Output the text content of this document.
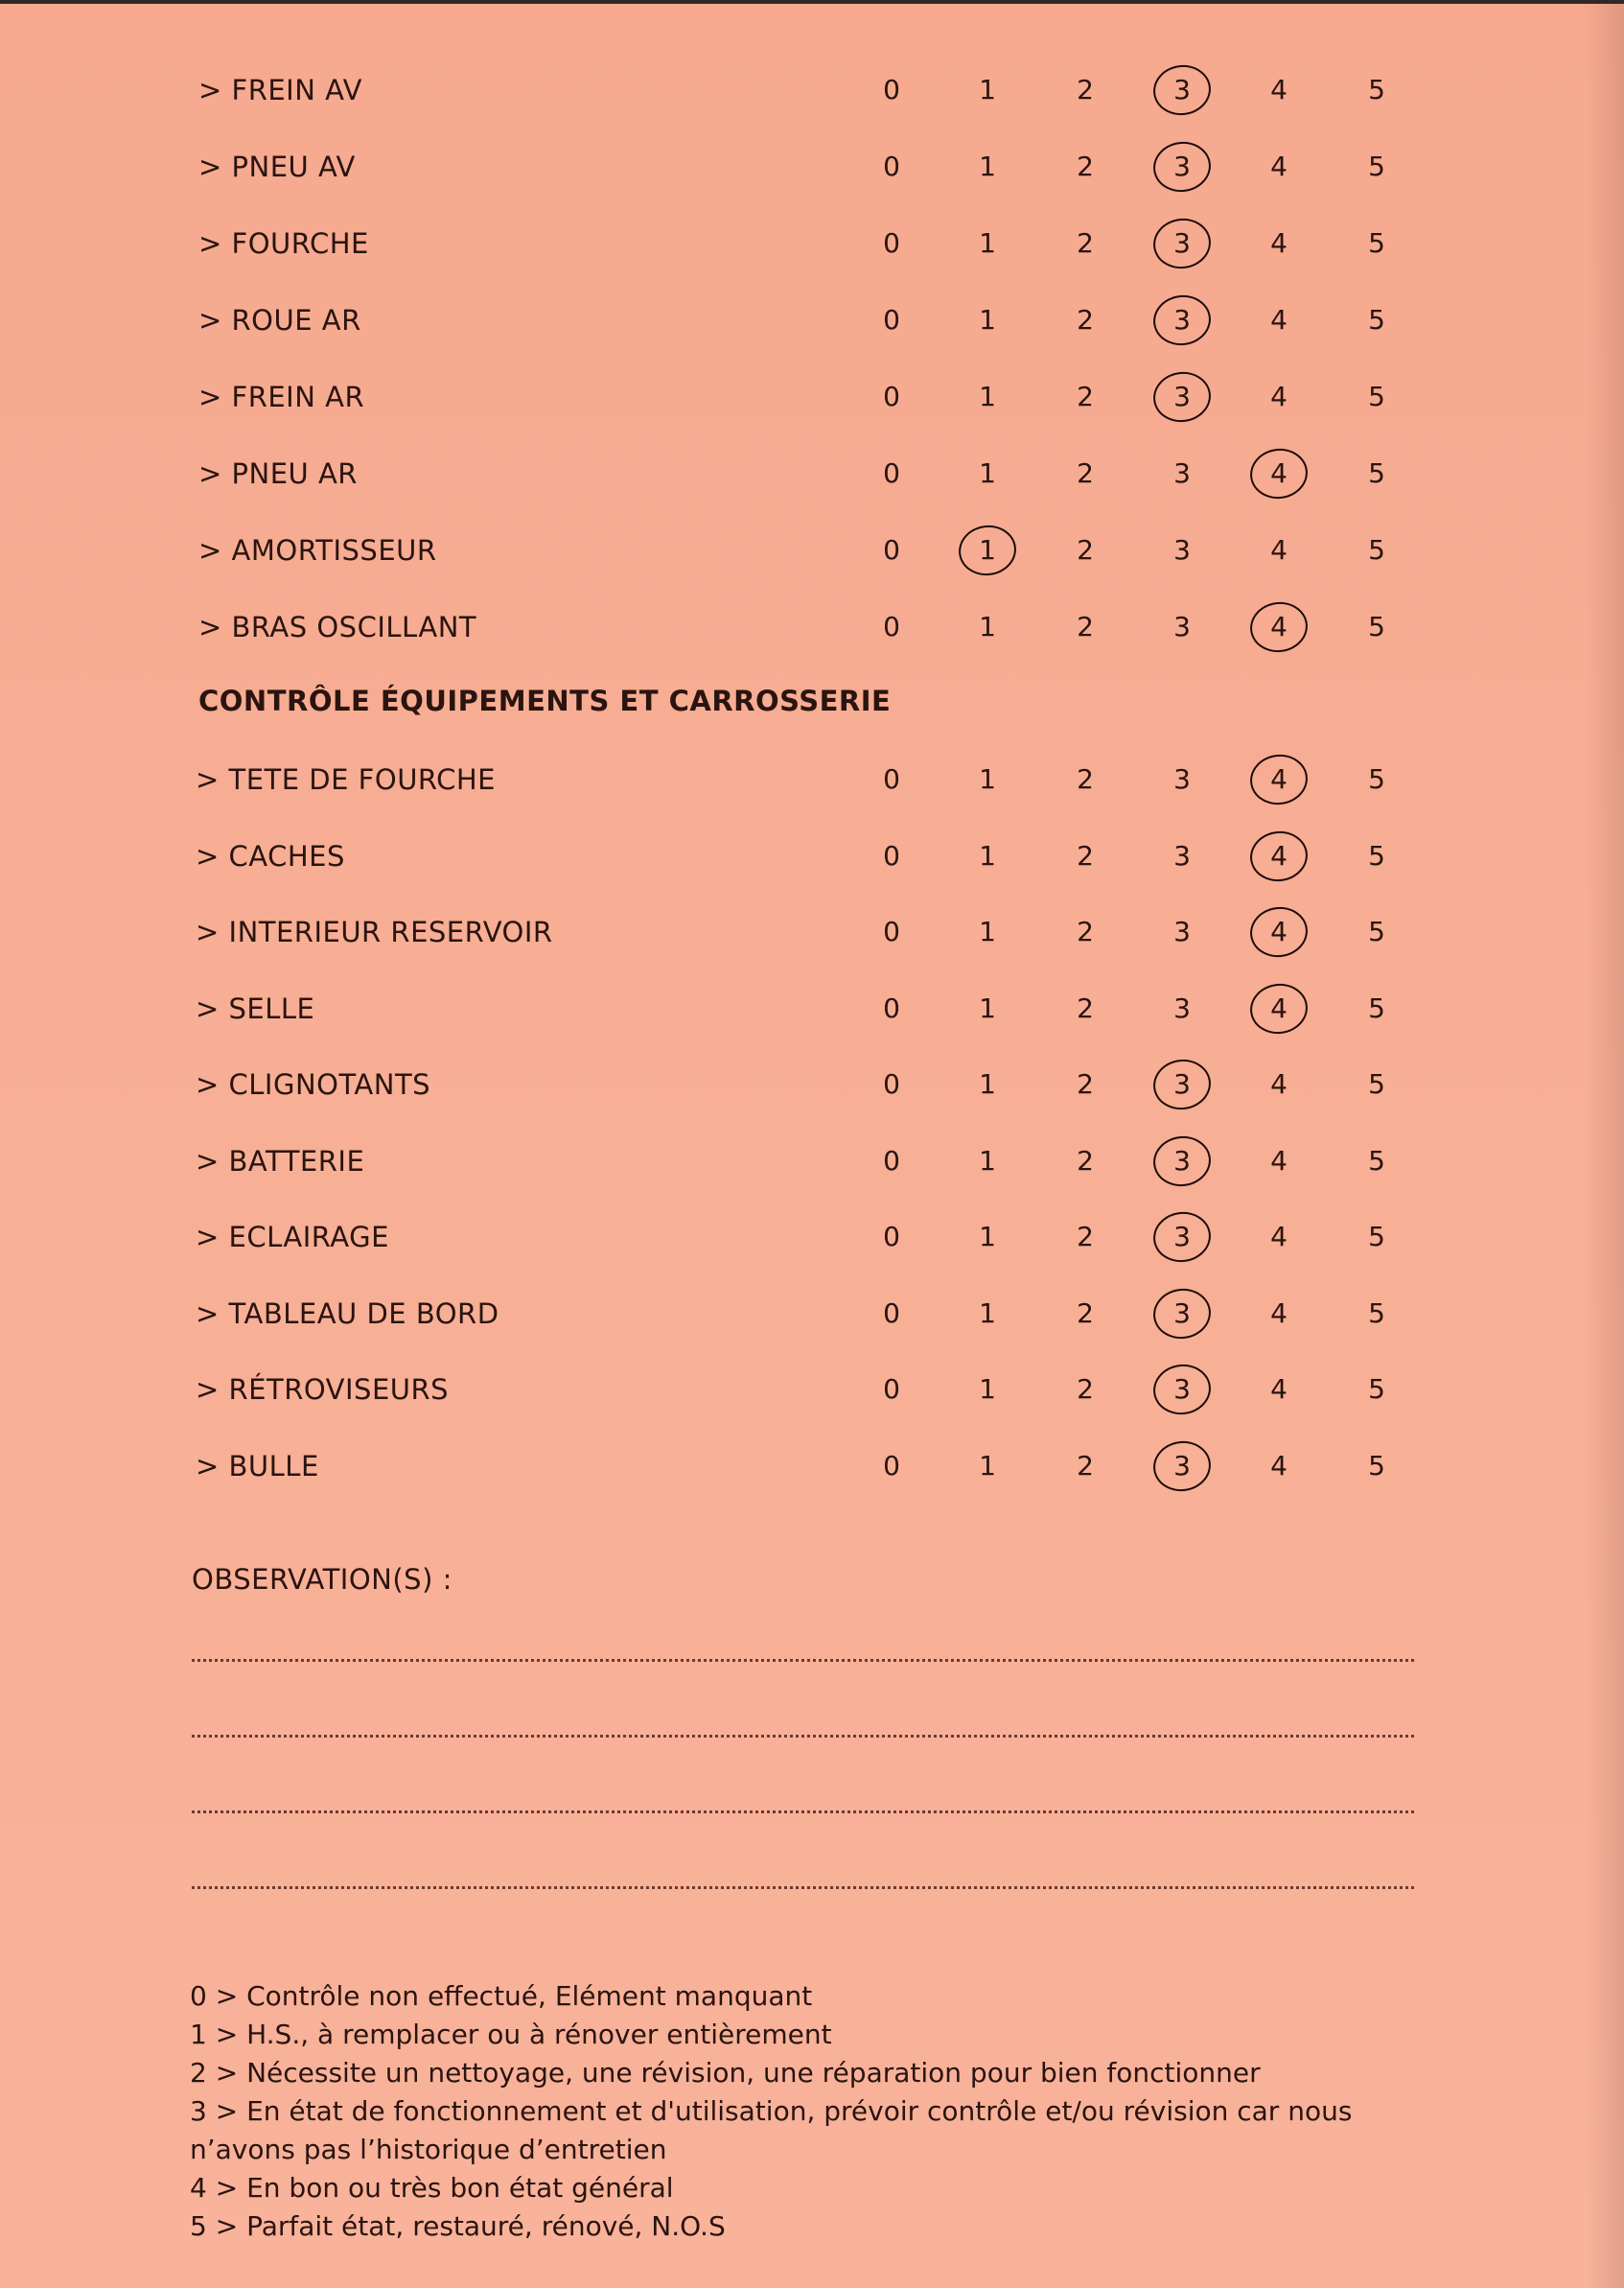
> FREIN AV	0	1	2	3	4	5
> PNEU AV	0	1	2	3	4	5
> FOURCHE	0	1	2	3	4	5
> ROUE AR	0	1	2	3	4	5
> FREIN AR	0	1	2	3	4	5
> PNEU AR	0	1	2	3	4	5
> AMORTISSEUR	0	1	2	3	4	5
> BRAS OSCILLANT	0	1	2	3	4	5
> TETE DE FOURCHE	0	1	2	3	4	5
> CACHES	0	1	2	3	4	5
> INTERIEUR RESERVOIR	0	1	2	3	4	5
> SELLE	0	1	2	3	4	5
> CLIGNOTANTS	0	1	2	3	4	5
> BATTERIE	0	1	2	3	4	5
> ECLAIRAGE	0	1	2	3	4	5
> TABLEAU DE BORD	0	1	2	3	4	5
> RÉTROVISEURS	0	1	2	3	4	5
> BULLE	0	1	2	3	4	5
CONTRÔLE ÉQUIPEMENTS ET CARROSSERIE
OBSERVATION(S) :
0 > Contrôle non effectué, Elément manquant
1 > H.S., à remplacer ou à rénover entièrement
2 > Nécessite un nettoyage, une révision, une réparation pour bien fonctionner
3 > En état de fonctionnement et d'utilisation, prévoir contrôle et/ou révision car nous n’avons pas l’historique d’entretien
4 > En bon ou très bon état général
5 > Parfait état, restauré, rénové, N.O.S
